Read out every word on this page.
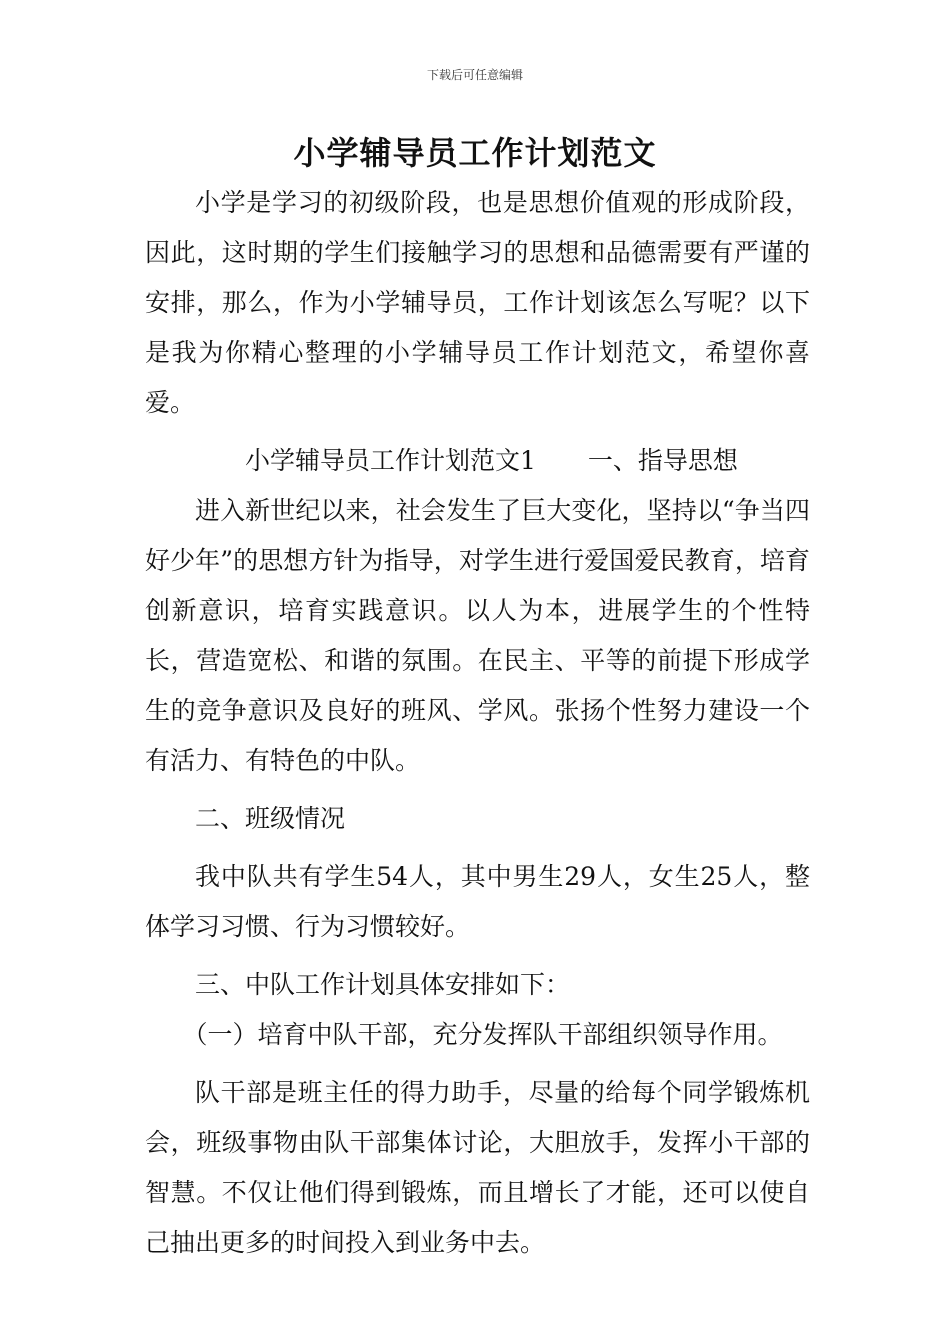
下载后可任意编辑
小学辅导员工作计划范文

小学是学习的初级阶段，也是思想价值观的形成阶段，因此，这时期的学生们接触学习的思想和品德需要有严谨的安排，那么，作为小学辅导员，工作计划该怎么写呢？以下是我为你精心整理的小学辅导员工作计划范文，希望你喜爱。

小学辅导员工作计划范文1 一、指导思想

进入新世纪以来，社会发生了巨大变化，坚持以“争当四好少年”的思想方针为指导，对学生进行爱国爱民教育，培育创新意识，培育实践意识。以人为本，进展学生的个性特长，营造宽松、和谐的氛围。在民主、平等的前提下形成学生的竞争意识及良好的班风、学风。张扬个性努力建设一个有活力、有特色的中队。

二、班级情况

我中队共有学生54人，其中男生29人，女生25人，整体学习习惯、行为习惯较好。

三、中队工作计划具体安排如下：

（一）培育中队干部，充分发挥队干部组织领导作用。

队干部是班主任的得力助手，尽量的给每个同学锻炼机会，班级事物由队干部集体讨论，大胆放手，发挥小干部的智慧。不仅让他们得到锻炼，而且增长了才能，还可以使自己抽出更多的时间投入到业务中去。
